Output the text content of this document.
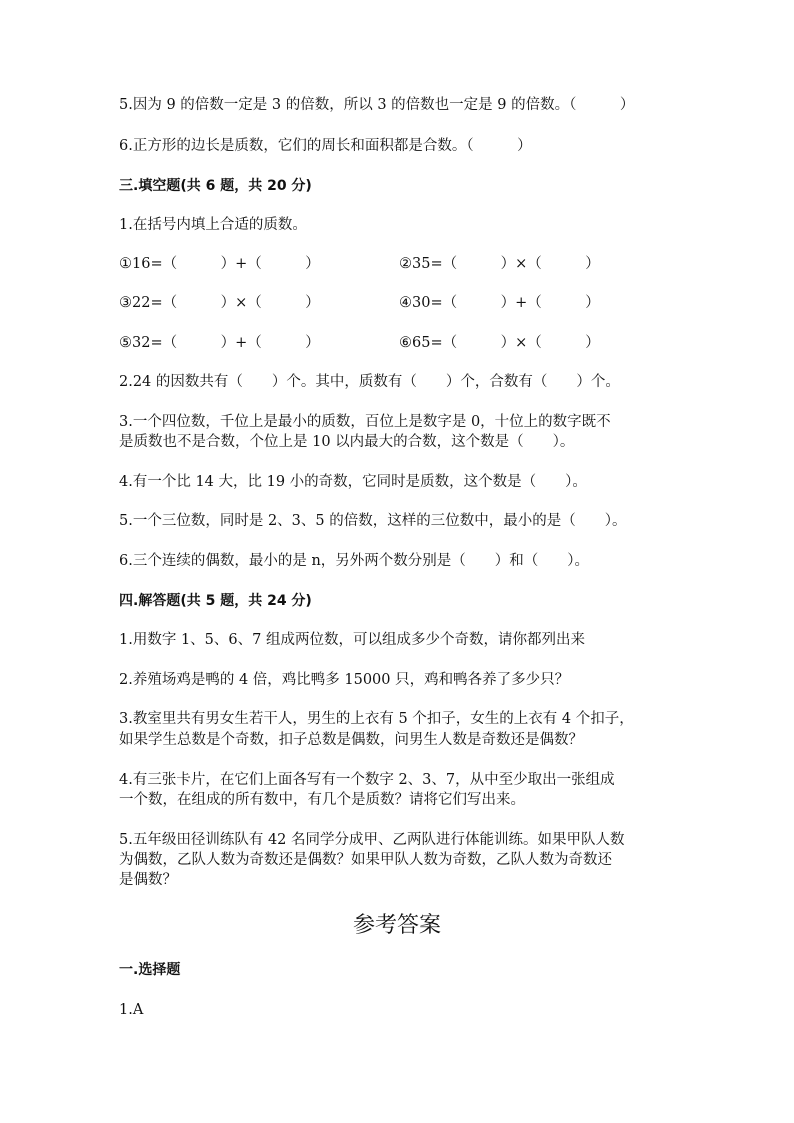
5.因为 9 的倍数一定是 3 的倍数，所以 3 的倍数也一定是 9 的倍数。（　　　）
6.正方形的边长是质数，它们的周长和面积都是合数。（　　　）
三.填空题(共 6 题，共 20 分)
1.在括号内填上合适的质数。
①16=（　　　）+（　　　）	②35=（　　　）×（　　　）
③22=（　　　）×（　　　）	④30=（　　　）+（　　　）
⑤32=（　　　）+（　　　）	⑥65=（　　　）×（　　　）
2.24 的因数共有（　　）个。其中，质数有（　　）个，合数有（　　）个。
3.一个四位数，千位上是最小的质数，百位上是数字是 0，十位上的数字既不
是质数也不是合数，个位上是 10 以内最大的合数，这个数是（　　）。
4.有一个比 14 大，比 19 小的奇数，它同时是质数，这个数是（　　）。
5.一个三位数，同时是 2、3、5 的倍数，这样的三位数中，最小的是（　　）。
6.三个连续的偶数，最小的是 n，另外两个数分别是（　　）和（　　）。
四.解答题(共 5 题，共 24 分)
1.用数字 1、5、6、7 组成两位数，可以组成多少个奇数，请你都列出来
2.养殖场鸡是鸭的 4 倍，鸡比鸭多 15000 只，鸡和鸭各养了多少只？
3.教室里共有男女生若干人，男生的上衣有 5 个扣子，女生的上衣有 4 个扣子，
如果学生总数是个奇数，扣子总数是偶数，问男生人数是奇数还是偶数？
4.有三张卡片，在它们上面各写有一个数字 2、3、7，从中至少取出一张组成
一个数，在组成的所有数中，有几个是质数？请将它们写出来。
5.五年级田径训练队有 42 名同学分成甲、乙两队进行体能训练。如果甲队人数
为偶数，乙队人数为奇数还是偶数？如果甲队人数为奇数，乙队人数为奇数还
是偶数？
参考答案
一.选择题
1.A
